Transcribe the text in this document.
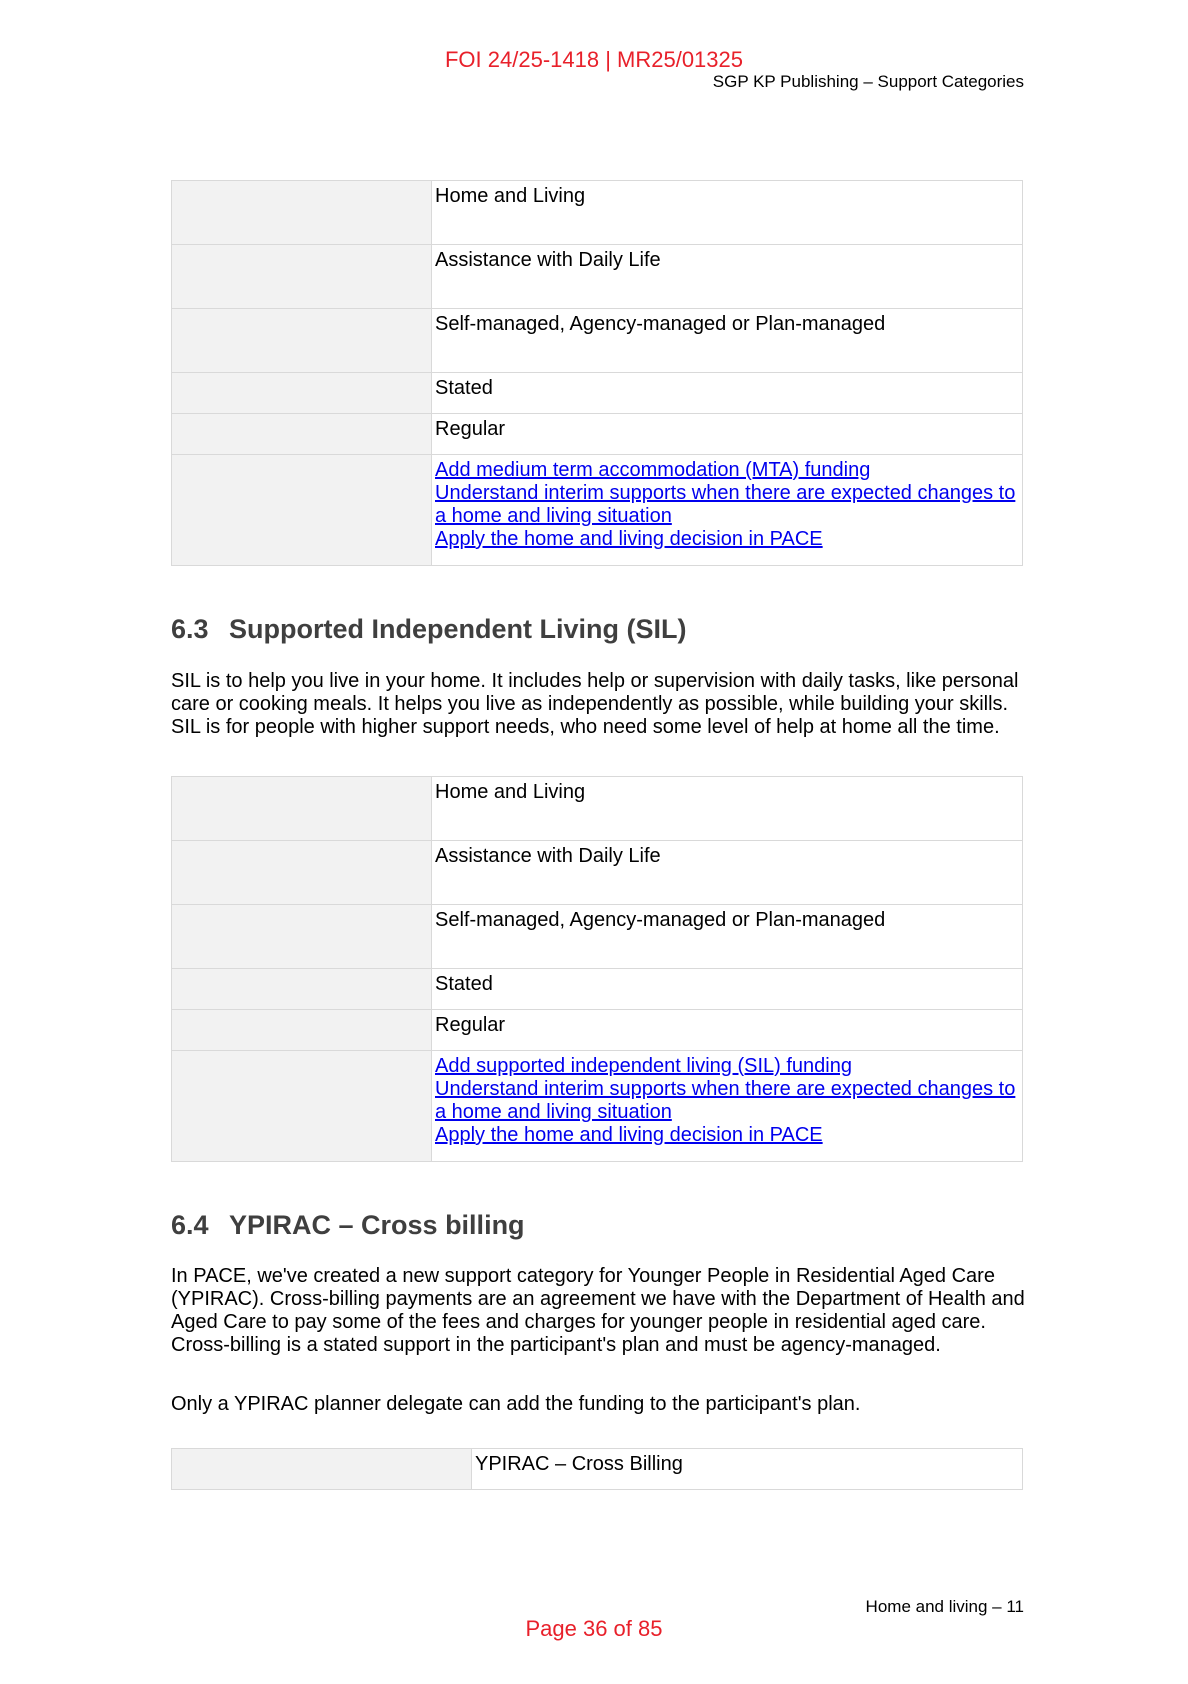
FOI 24/25-1418 | MR25/01325
SGP KP Publishing – Support Categories
	Home and Living
	Assistance with Daily Life
	Self-managed, Agency-managed or Plan-managed
	Stated
	Regular

	Add medium term accommodation (MTA) funding
Understand interim supports when there are expected changes to a home and living situation
Apply the home and living decision in PACE
6.3 Supported Independent Living (SIL)

SIL is to help you live in your home. It includes help or supervision with daily tasks, like personal care or cooking meals. It helps you live as independently as possible, while building your skills. SIL is for people with higher support needs, who need some level of help at home all the time.

	Home and Living
	Assistance with Daily Life
	Self-managed, Agency-managed or Plan-managed
	Stated
	Regular

	Add supported independent living (SIL) funding
Understand interim supports when there are expected changes to a home and living situation
Apply the home and living decision in PACE
6.4 YPIRAC – Cross billing

In PACE, we've created a new support category for Younger People in Residential Aged Care (YPIRAC). Cross-billing payments are an agreement we have with the Department of Health and Aged Care to pay some of the fees and charges for younger people in residential aged care. Cross-billing is a stated support in the participant's plan and must be agency-managed.

Only a YPIRAC planner delegate can add the funding to the participant's plan.

	YPIRAC – Cross Billing
Home and living – 11
Page 36 of 85
